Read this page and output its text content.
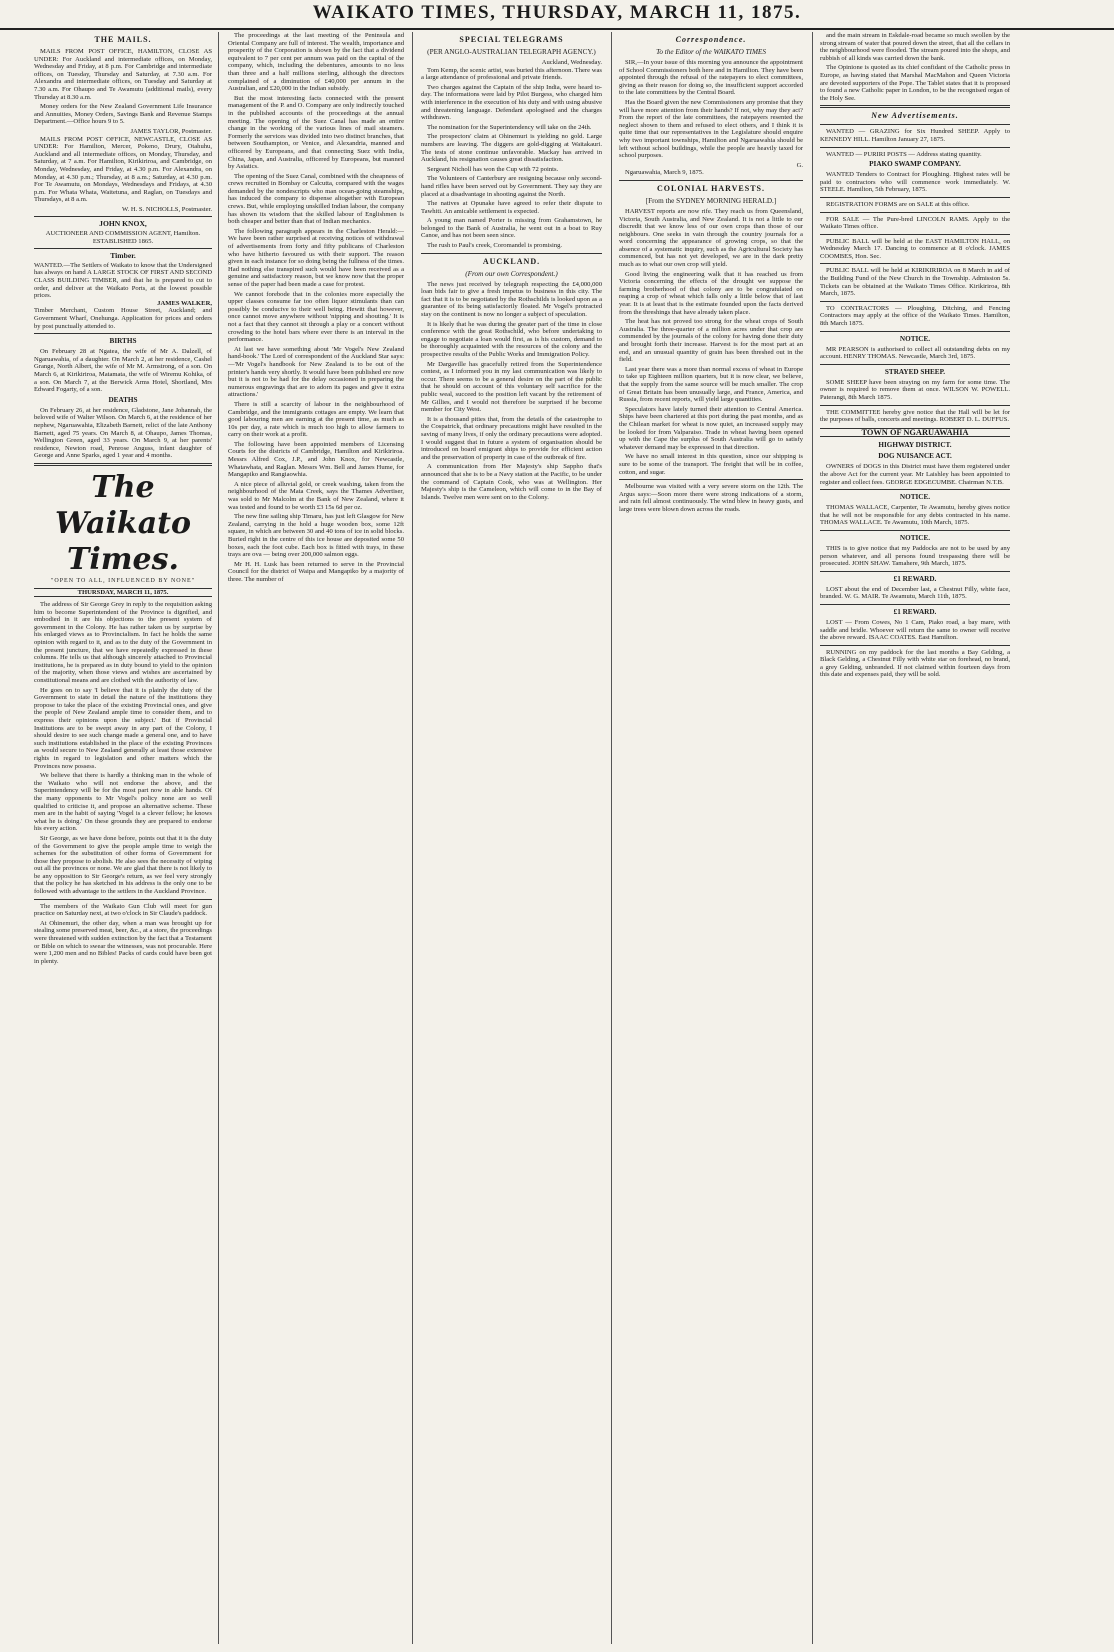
WAIKATO TIMES, THURSDAY, MARCH 11, 1875.
THE MAILS.

MAILS FROM POST OFFICE, HAMILTON, CLOSE AS UNDER: For Auckland and intermediate offices, on Monday, Wednesday and Friday, at 8 p.m. For Cambridge and intermediate offices, on Tuesday, Thursday and Saturday, at 7.30 a.m. For Alexandra and intermediate offices, on Tuesday and Saturday at 7.30 a.m. For Ohaupo and Te Awamutu (additional mails), every Thursday at 8.30 a.m.

Money orders for the New Zealand Government Life Insurance and Annuities, Money Orders, Savings Bank and Revenue Stamps Department.—Office hours 9 to 5.

JAMES TAYLOR, Postmaster.

MAILS FROM POST OFFICE, NEWCASTLE, CLOSE AS UNDER: For Hamilton, Mercer, Pokeno, Drury, Otahuhu, Auckland and all intermediate offices, on Monday, Thursday, and Saturday, at 7 a.m. For Hamilton, Kirikiriroa, and Cambridge, on Monday, Wednesday, and Friday, at 4.30 p.m. For Alexandra, on Monday, at 4.30 p.m.; Thursday, at 8 a.m.; Saturday, at 4.30 p.m. For Te Awamutu, on Mondays, Wednesdays and Fridays, at 4.30 p.m. For Whata Whata, Waitetuna, and Raglan, on Tuesdays and Thursdays, at 8 a.m.

W. H. S. NICHOLLS, Postmaster.
JOHN KNOX,

AUCTIONEER AND COMMISSION AGENT, Hamilton. ESTABLISHED 1865.

Timber.

WANTED.—The Settlers of Waikato to know that the Undersigned has always on hand A LARGE STOCK OF FIRST AND SECOND CLASS BUILDING TIMBER, and that he is prepared to cut to order, and deliver at the Waikato Ports, at the lowest possible prices.

JAMES WALKER,

Timber Merchant, Custom House Street, Auckland; and Government Wharf, Onehunga. Application for prices and orders by post punctually attended to.

BIRTHS

On February 28 at Ngatea, the wife of Mr A. Dalzell, of Ngaruawahia, of a daughter. On March 2, at her residence, Cashel Grange, North Albert, the wife of Mr M. Armstrong, of a son. On March 6, at Kirikiriroa, Matamata, the wife of Wiremu Kohika, of a son. On March 7, at the Berwick Arms Hotel, Shortland, Mrs Edward Fogarty, of a son.

DEATHS

On February 26, at her residence, Gladstone, Jane Johannah, the beloved wife of Walter Wilson. On March 6, at the residence of her nephew, Ngaruawahia, Elizabeth Barnett, relict of the late Anthony Barnett, aged 75 years. On March 8, at Ohaupo, James Thomas, Wellington Green, aged 33 years. On March 9, at her parents' residence, Newton road, Penrose Anguss, infant daughter of George and Anne Sparks, aged 1 year and 4 months.

The Waikato Times.
"OPEN TO ALL, INFLUENCED BY NONE"
THURSDAY, MARCH 11, 1875.

The address of Sir George Grey in reply to the requisition asking him to become Superintendent of the Province is dignified, and embodied in it are his objections to the present system of government in the Colony. He has rather taken us by surprise by his enlarged views as to Provincialism. In fact he holds the same opinion with regard to it, and as to the duty of the Government in the present juncture, that we have repeatedly expressed in these columns. He tells us that although sincerely attached to Provincial institutions, he is prepared as in duty bound to yield to the opinion of the majority, when those views and wishes are ascertained by constitutional means and are clothed with the authority of law.

He goes on to say 'I believe that it is plainly the duty of the Government to state in detail the nature of the institutions they propose to take the place of the existing Provincial ones, and give the people of New Zealand ample time to consider them, and to express their opinions upon the subject.' But if Provincial Institutions are to be swept away in any part of the Colony, I should desire to see such change made a general one, and to have such institutions established in the place of the existing Provinces as would secure to New Zealand generally at least those extensive rights in regard to legislation and other matters which the Provinces now possess.

We believe that there is hardly a thinking man in the whole of the Waikato who will not endorse the above, and the Superintendency will be for the most part now in able hands. Of the many opponents to Mr Vogel's policy none are so well qualified to criticise it, and propose an alternative scheme. These men are in the habit of saying 'Vogel is a clever fellow; he knows what he is doing.' On these grounds they are prepared to endorse his every action.

Sir George, as we have done before, points out that it is the duty of the Government to give the people ample time to weigh the schemes for the substitution of other forms of Government for those they propose to abolish. He also sees the necessity of wiping out all the provinces or none. We are glad that there is not likely to be any opposition to Sir George's return, as we feel very strongly that the policy he has sketched in his address is the only one to be followed with advantage to the settlers in the Auckland Province.

The members of the Waikato Gun Club will meet for gun practice on Saturday next, at two o'clock in Sir Claude's paddock.

At Ohinemuri, the other day, when a man was brought up for stealing some preserved meat, beer, &c., at a store, the proceedings were threatened with sudden extinction by the fact that a Testament or Bible on which to swear the witnesses, was not procurable. Here were 1,200 men and no Bibles! Packs of cards could have been got in plenty.

The proceedings at the last meeting of the Peninsula and Oriental Company are full of interest. The wealth, importance and prosperity of the Corporation is shown by the fact that a dividend equivalent to 7 per cent per annum was paid on the capital of the company, which, including the debentures, amounts to no less than three and a half millions sterling, although the directors complained of a diminution of £40,000 per annum in the Australian, and £20,000 in the Indian subsidy.

But the most interesting facts connected with the present management of the P. and O. Company are only indirectly touched in the published accounts of the proceedings at the annual meeting. The opening of the Suez Canal has made an entire change in the working of the various lines of mail steamers. Formerly the services was divided into two distinct branches, that between Southampton, or Venice, and Alexandria, manned and officered by Europeans, and that connecting Suez with India, China, Japan, and Australia, officered by Europeans, but manned by Asiatics.

The opening of the Suez Canal, combined with the cheapness of crews recruited in Bombay or Calcutta, compared with the wages demanded by the nondescripts who man ocean-going steamships, has induced the company to dispense altogether with European crews. But, while employing unskilled Indian labour, the company has shown its wisdom that the skilled labour of Englishmen is both cheaper and better than that of Indian mechanics.

The following paragraph appears in the Charleston Herald:—We have been rather surprised at receiving notices of withdrawal of advertisements from forty and fifty publicans of Charleston who have hitherto favoured us with their support. The reason given in each instance for so doing being the fullness of the times. Had nothing else transpired such would have been received as a genuine and satisfactory reason, but we know now that the proper sense of the paper had been made a case for protest.

We cannot forebode that in the colonies more especially the upper classes consume far too often liquor stimulants than can possibly be conducive to their well being. Hewitt that however, once cannot move anywhere without 'nipping and shouting.' It is not a fact that they cannot sit through a play or a concert without crowding to the hotel bars where ever there is an interval in the performance.

At last we have something about 'Mr Vogel's New Zealand hand-book.' The Lord of correspondent of the Auckland Star says:—'Mr Vogel's handbook for New Zealand is to be out of the printer's hands very shortly. It would have been published ere now but it is not to be had for the delay occasioned in preparing the numerous engravings that are to adorn its pages and give it extra attractions.'

There is still a scarcity of labour in the neighbourhood of Cambridge, and the immigrants cottages are empty. We learn that good labouring men are earning at the present time, as much as 10s per day, a rate which is much too high to allow farmers to carry on their work at a profit.

The following have been appointed members of Licensing Courts for the districts of Cambridge, Hamilton and Kirikiriroa. Messrs Alfred Cox, J.P., and John Knox, for Newcastle, Whatawhata, and Raglan. Messrs Wm. Bell and James Hume, for Mangapiko and Rangiaowhia.

A nice piece of alluvial gold, or creek washing, taken from the neighbourhood of the Mata Creek, says the Thames Advertiser, was sold to Mr Malcolm at the Bank of New Zealand, where it was tested and found to be worth £3 15s 6d per oz.

The new fine sailing ship Timaru, has just left Glasgow for New Zealand, carrying in the hold a huge wooden box, some 12ft square, in which are between 30 and 40 tons of ice in solid blocks. Buried right in the centre of this ice house are deposited some 50 boxes, each the foot cube. Each box is fitted with trays, in these trays are ova — being over 200,000 salmon eggs.

Mr H. H. Lusk has been returned to serve in the Provincial Council for the district of Waipa and Mangapiko by a majority of three. The number of

SPECIAL TELEGRAMS
(PER ANGLO-AUSTRALIAN TELEGRAPH AGENCY.)
Auckland, Wednesday.

Tom Kemp, the scenic artist, was buried this afternoon. There was a large attendance of professional and private friends.

Two charges against the Captain of the ship India, were heard to-day. The informations were laid by Pilot Burgess, who charged him with interference in the execution of his duty and with using abusive and threatening language. Defendant apologised and the charges withdrawn.

The nomination for the Superintendency will take on the 24th.

The prospectors' claim at Ohinemuri is yielding no gold. Large numbers are leaving. The diggers are gold-digging at Waitakauri. The tests of stone continue unfavorable. Mackay has arrived in Auckland, his resignation causes great dissatisfaction.

Sergeant Nicholl has won the Cup with 72 points.

The Volunteers of Canterbury are resigning because only second-hand rifles have been served out by Government. They say they are placed at a disadvantage in shooting against the North.

The natives at Opunake have agreed to refer their dispute to Tawhiti. An amicable settlement is expected.

A young man named Porter is missing from Grahamstown, he belonged to the Bank of Australia, he went out in a boat to Ruy Canoe, and has not been seen since.

The rush to Paul's creek, Coromandel is promising.

AUCKLAND.
(From our own Correspondent.)

The news just received by telegraph respecting the £4,000,000 loan bids fair to give a fresh impetus to business in this city. The fact that it is to be negotiated by the Rothschilds is looked upon as a guarantee of its being satisfactorily floated. Mr Vogel's protracted stay on the continent is now no longer a subject of speculation.

It is likely that he was during the greater part of the time in close conference with the great Rothschild, who before undertaking to engage to negotiate a loan would first, as is his custom, demand to be thoroughly acquainted with the resources of the colony and the prospective results of the Public Works and Immigration Policy.

Mr Dargaville has gracefully retired from the Superintendence contest, as I informed you in my last communication was likely to occur. There seems to be a general desire on the part of the public that he should on account of this voluntary self sacrifice for the public weal, succeed to the position left vacant by the retirement of Mr Gillies, and I would not therefore be surprised if he become member for City West.

It is a thousand pities that, from the details of the catastrophe to the Cospatrick, that ordinary precautions might have resulted in the saving of many lives, if only the ordinary precautions were adopted. I would suggest that in future a system of organisation should be introduced on board emigrant ships to provide for efficient action and the preservation of property in case of the outbreak of fire.

A communication from Her Majesty's ship Sappho that's announced that she is to be a Navy station at the Pacific, to be under the command of Captain Cook, who was at Wellington. Her Majesty's ship is the Cameleon, which will come to in the Bay of Islands. Twelve men were sent on to the Colony.

Correspondence.
To the Editor of the WAIKATO TIMES

SIR,—In your issue of this morning you announce the appointment of School Commissioners both here and in Hamilton. They have been appointed through the refusal of the ratepayers to elect committees, giving as their reason for doing so, the insufficient support accorded to the late committees by the Central Board.

Has the Board given the new Commissioners any promise that they will have more attention from their hands? If not, why may they act? From the report of the late committees, the ratepayers resented the neglect shown to them and refused to elect others, and I think it is quite time that our representatives in the Legislature should enquire why two important townships, Hamilton and Ngaruawahia should be left without school buildings, while the people are heavily taxed for school purposes.

G.

Ngaruawahia, March 9, 1875.

COLONIAL HARVESTS.
[From the SYDNEY MORNING HERALD.]

HARVEST reports are now rife. They reach us from Queensland, Victoria, South Australia, and New Zealand. It is not a little to our discredit that we know less of our own crops than those of our neighbours. One seeks in vain through the country journals for a word concerning the appearance of growing crops, so that the absence of a systematic inquiry, such as the Agricultural Society has commenced, but has not yet developed, we are in the dark pretty much as to what our own crop will yield.

Good living the engineering walk that it has reached us from Victoria concerning the effects of the drought we suppose the farming brotherhood of that colony are to be congratulated on reaping a crop of wheat which falls only a little below that of last year. It is at least that is the estimate founded upon the facts derived from the threshings that have already taken place.

The heat has not proved too strong for the wheat crops of South Australia. The three-quarter of a million acres under that crop are commended by the journals of the colony for having done their duty and brought forth their increase. Harvest is for the most part at an end, and an unusual quantity of grain has been threshed out in the field.

Last year there was a more than normal excess of wheat in Europe to take up Eighteen million quarters, but it is now clear, we believe, that the supply from the same source will be much smaller. The crop of Great Britain has been unusually large, and France, America, and Russia, from recent reports, will yield large quantities.

Speculators have lately turned their attention to Central America. Ships have been chartered at this port during the past months, and as the Chilean market for wheat is now quiet, an increased supply may be looked for from Valparaiso. Trade in wheat having been opened up with the Cape the surplus of South Australia will go to satisfy whatever demand may be expressed in that direction.

We have no small interest in this question, since our shipping is sure to be some of the transport. The freight that will be in coffee, cotton, and sugar.

Melbourne was visited with a very severe storm on the 12th. The Argus says:—Soon more there were strong indications of a storm, and rain fell almost continuously. The wind blew in heavy gusts, and large trees were blown down across the roads.

and the main stream in Eskdale-road became so much swollen by the strong stream of water that poured down the street, that all the cellars in the neighbourhood were flooded. The stream poured into the shops, and rubbish of all kinds was carried down the bank.

The Opinione is quoted as its chief confidant of the Catholic press in Europe, as having stated that Marshal MacMahon and Queen Victoria are devoted supporters of the Pope. The Tablet states that it is proposed to found a new Catholic paper in London, to be the recognised organ of the Holy See.

New Advertisements.

WANTED — GRAZING for Six Hundred SHEEP. Apply to KENNEDY HILL. Hamilton January 27, 1875.

WANTED — PURIRI POSTS — Address stating quantity.

PIAKO SWAMP COMPANY.

WANTED Tenders to Contract for Ploughing. Highest rates will be paid to contractors who will commence work immediately. W. STEELE. Hamilton, 5th February, 1875.

REGISTRATION FORMS are on SALE at this office.

FOR SALE — The Pure-bred LINCOLN RAMS. Apply to the Waikato Times office.

PUBLIC BALL will be held at the EAST HAMILTON HALL, on Wednesday March 17. Dancing to commence at 8 o'clock. JAMES COOMBES, Hon. Sec.

PUBLIC BALL will be held at KIRIKIRIROA on 8 March in aid of the Building Fund of the New Church in the Township. Admission 5s. Tickets can be obtained at the Waikato Times Office. Kirikiriroa, 8th March, 1875.

TO CONTRACTORS — Ploughing, Ditching, and Fencing Contractors may apply at the office of the Waikato Times. Hamilton, 8th March 1875.

NOTICE.

MR PEARSON is authorised to collect all outstanding debts on my account. HENRY THOMAS. Newcastle, March 3rd, 1875.

STRAYED SHEEP.

SOME SHEEP have been straying on my farm for some time. The owner is required to remove them at once. WILSON W. POWELL. Paterangi, 8th March 1875.

THE COMMITTEE hereby give notice that the Hall will be let for the purposes of balls, concerts and meetings. ROBERT D. L. DUFFUS.

TOWN OF NGARUAWAHIA
HIGHWAY DISTRICT.
DOG NUISANCE ACT.

OWNERS of DOGS in this District must have them registered under the above Act for the current year. Mr Laishley has been appointed to register and collect fees. GEORGE EDGECUMBE. Chairman N.T.B.

NOTICE.

THOMAS WALLACE, Carpenter, Te Awamutu, hereby gives notice that he will not be responsible for any debts contracted in his name. THOMAS WALLACE. Te Awamutu, 10th March, 1875.

NOTICE.

THIS is to give notice that my Paddocks are not to be used by any person whatever, and all persons found trespassing there will be prosecuted. JOHN SHAW. Tamahere, 9th March, 1875.

£1 REWARD.

LOST about the end of December last, a Chestnut Filly, white face, branded. W. G. MAIR. Te Awamutu, March 11th, 1875.

£1 REWARD.

LOST — From Cowes, No 1 Cam, Piako road, a bay mare, with saddle and bridle. Whoever will return the same to owner will receive the above reward. ISAAC COATES. East Hamilton.

RUNNING on my paddock for the last months a Bay Gelding, a Black Gelding, a Chestnut Filly with white star on forehead, no brand, a grey Gelding, unbranded. If not claimed within fourteen days from this date and expenses paid, they will be sold.
